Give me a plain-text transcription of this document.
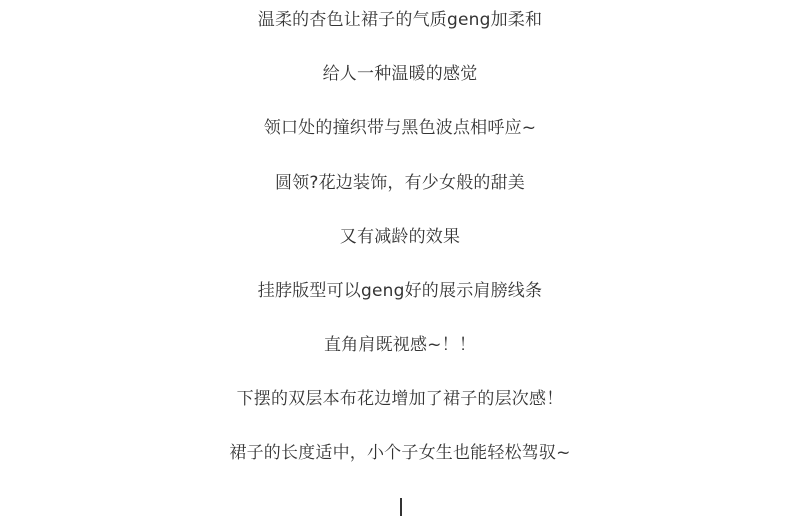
温柔的杏色让裙子的气质geng加柔和
给人一种温暖的感觉
领口处的撞织带与黑色波点相呼应~
圆领?花边装饰，有少女般的甜美
又有减龄的效果
挂脖版型可以geng好的展示肩膀线条
直角肩既视感~！！
下摆的双层本布花边增加了裙子的层次感！
裙子的长度适中，小个子女生也能轻松驾驭~
